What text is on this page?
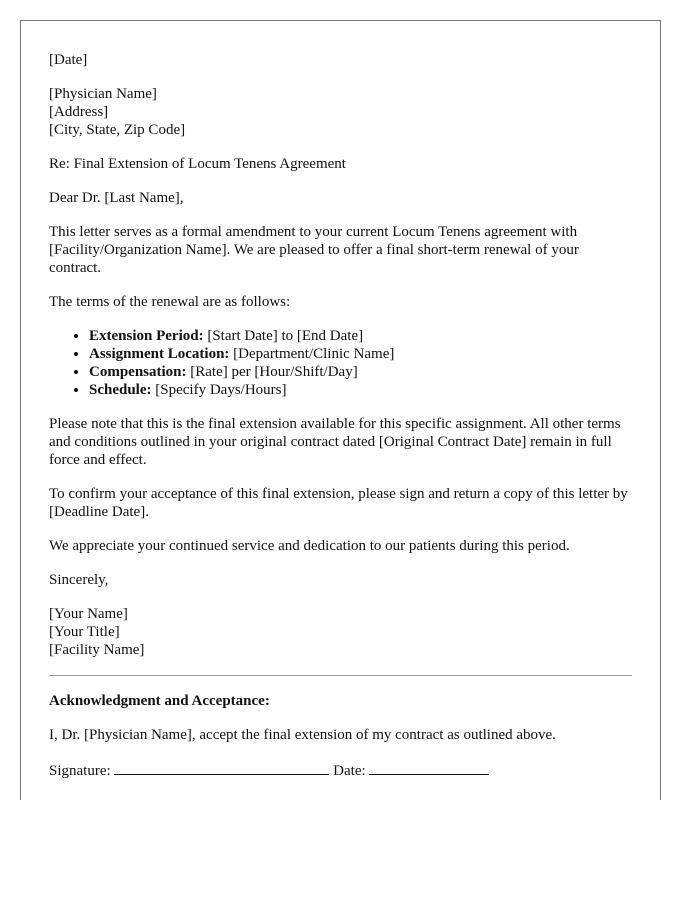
[Date]

[Physician Name]
[Address]
[City, State, Zip Code]

Re: Final Extension of Locum Tenens Agreement

Dear Dr. [Last Name],

This letter serves as a formal amendment to your current Locum Tenens agreement with [Facility/Organization Name]. We are pleased to offer a final short-term renewal of your contract.

The terms of the renewal are as follows:

• Extension Period: [Start Date] to [End Date]
• Assignment Location: [Department/Clinic Name]
• Compensation: [Rate] per [Hour/Shift/Day]
• Schedule: [Specify Days/Hours]

Please note that this is the final extension available for this specific assignment. All other terms and conditions outlined in your original contract dated [Original Contract Date] remain in full force and effect.

To confirm your acceptance of this final extension, please sign and return a copy of this letter by [Deadline Date].

We appreciate your continued service and dedication to our patients during this period.

Sincerely,

[Your Name]
[Your Title]
[Facility Name]

Acknowledgment and Acceptance:

I, Dr. [Physician Name], accept the final extension of my contract as outlined above.

Signature:	Date:
